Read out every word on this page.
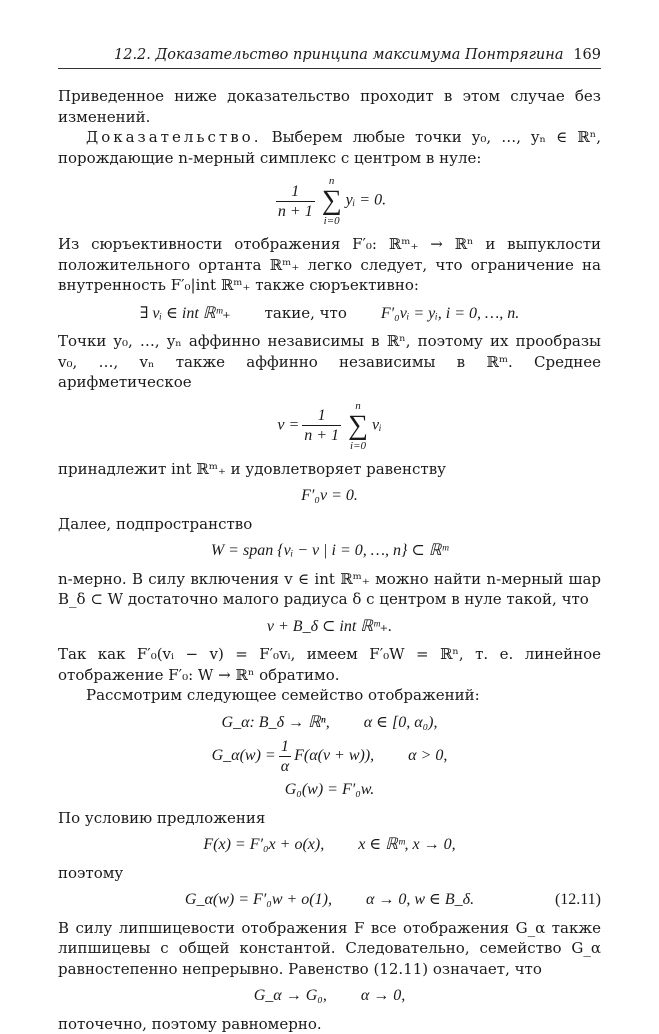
12.2. Доказательство принципа максимума Понтрягина 169

Приведенное ниже доказательство проходит в этом случае без изменений.

Доказательство. Выберем любые точки y₀, …, yₙ ∈ ℝⁿ, порождающие n-мерный симплекс с центром в нуле:

$\frac{1}{n + 1}$
n
∑
i=0
yᵢ = 0.

Из сюръективности отображения F′₀: ℝᵐ₊ → ℝⁿ и выпуклости положительного ортанта ℝᵐ₊ легко следует, что ограничение на внутренность F′₀|int ℝᵐ₊ также сюръективно:

∃ vᵢ ∈ int ℝᵐ₊ такие, что F′₀vᵢ = yᵢ, i = 0, …, n.

Точки y₀, …, yₙ аффинно независимы в ℝⁿ, поэтому их прообразы v₀, …, vₙ также аффинно независимы в ℝᵐ. Среднее арифметическое

$v = \frac{1}{n + 1}$
n
∑
i=0
vᵢ

принадлежит int ℝᵐ₊ и удовлетворяет равенству

F′₀v = 0.

Далее, подпространство

W = span {vᵢ − v | i = 0, …, n} ⊂ ℝᵐ

n-мерно. В силу включения v ∈ int ℝᵐ₊ можно найти n-мерный шар B_δ ⊂ W достаточно малого радиуса δ с центром в нуле такой, что

v + B_δ ⊂ int ℝᵐ₊.

Так как F′₀(vᵢ − v) = F′₀vᵢ, имеем F′₀W = ℝⁿ, т. е. линейное отображение F′₀: W → ℝⁿ обратимо.

Рассмотрим следующее семейство отображений:

G_α: B_δ → ℝⁿ, α ∈ [0, α₀),
G_α(w) = $\frac{1}{\alpha} F(\alpha(v + w))$, α > 0,
G₀(w) = F′₀w.

По условию предложения

F(x) = F′₀x + o(x), x ∈ ℝᵐ, x → 0,

поэтому

G_α(w) = F′₀w + o(1), α → 0, w ∈ B_δ.	(12.11)

В силу липшицевости отображения F все отображения G_α также липшицевы с общей константой. Следовательно, семейство G_α равностепенно непрерывно. Равенство (12.11) означает, что

G_α → G₀, α → 0,

поточечно, поэтому равномерно.
